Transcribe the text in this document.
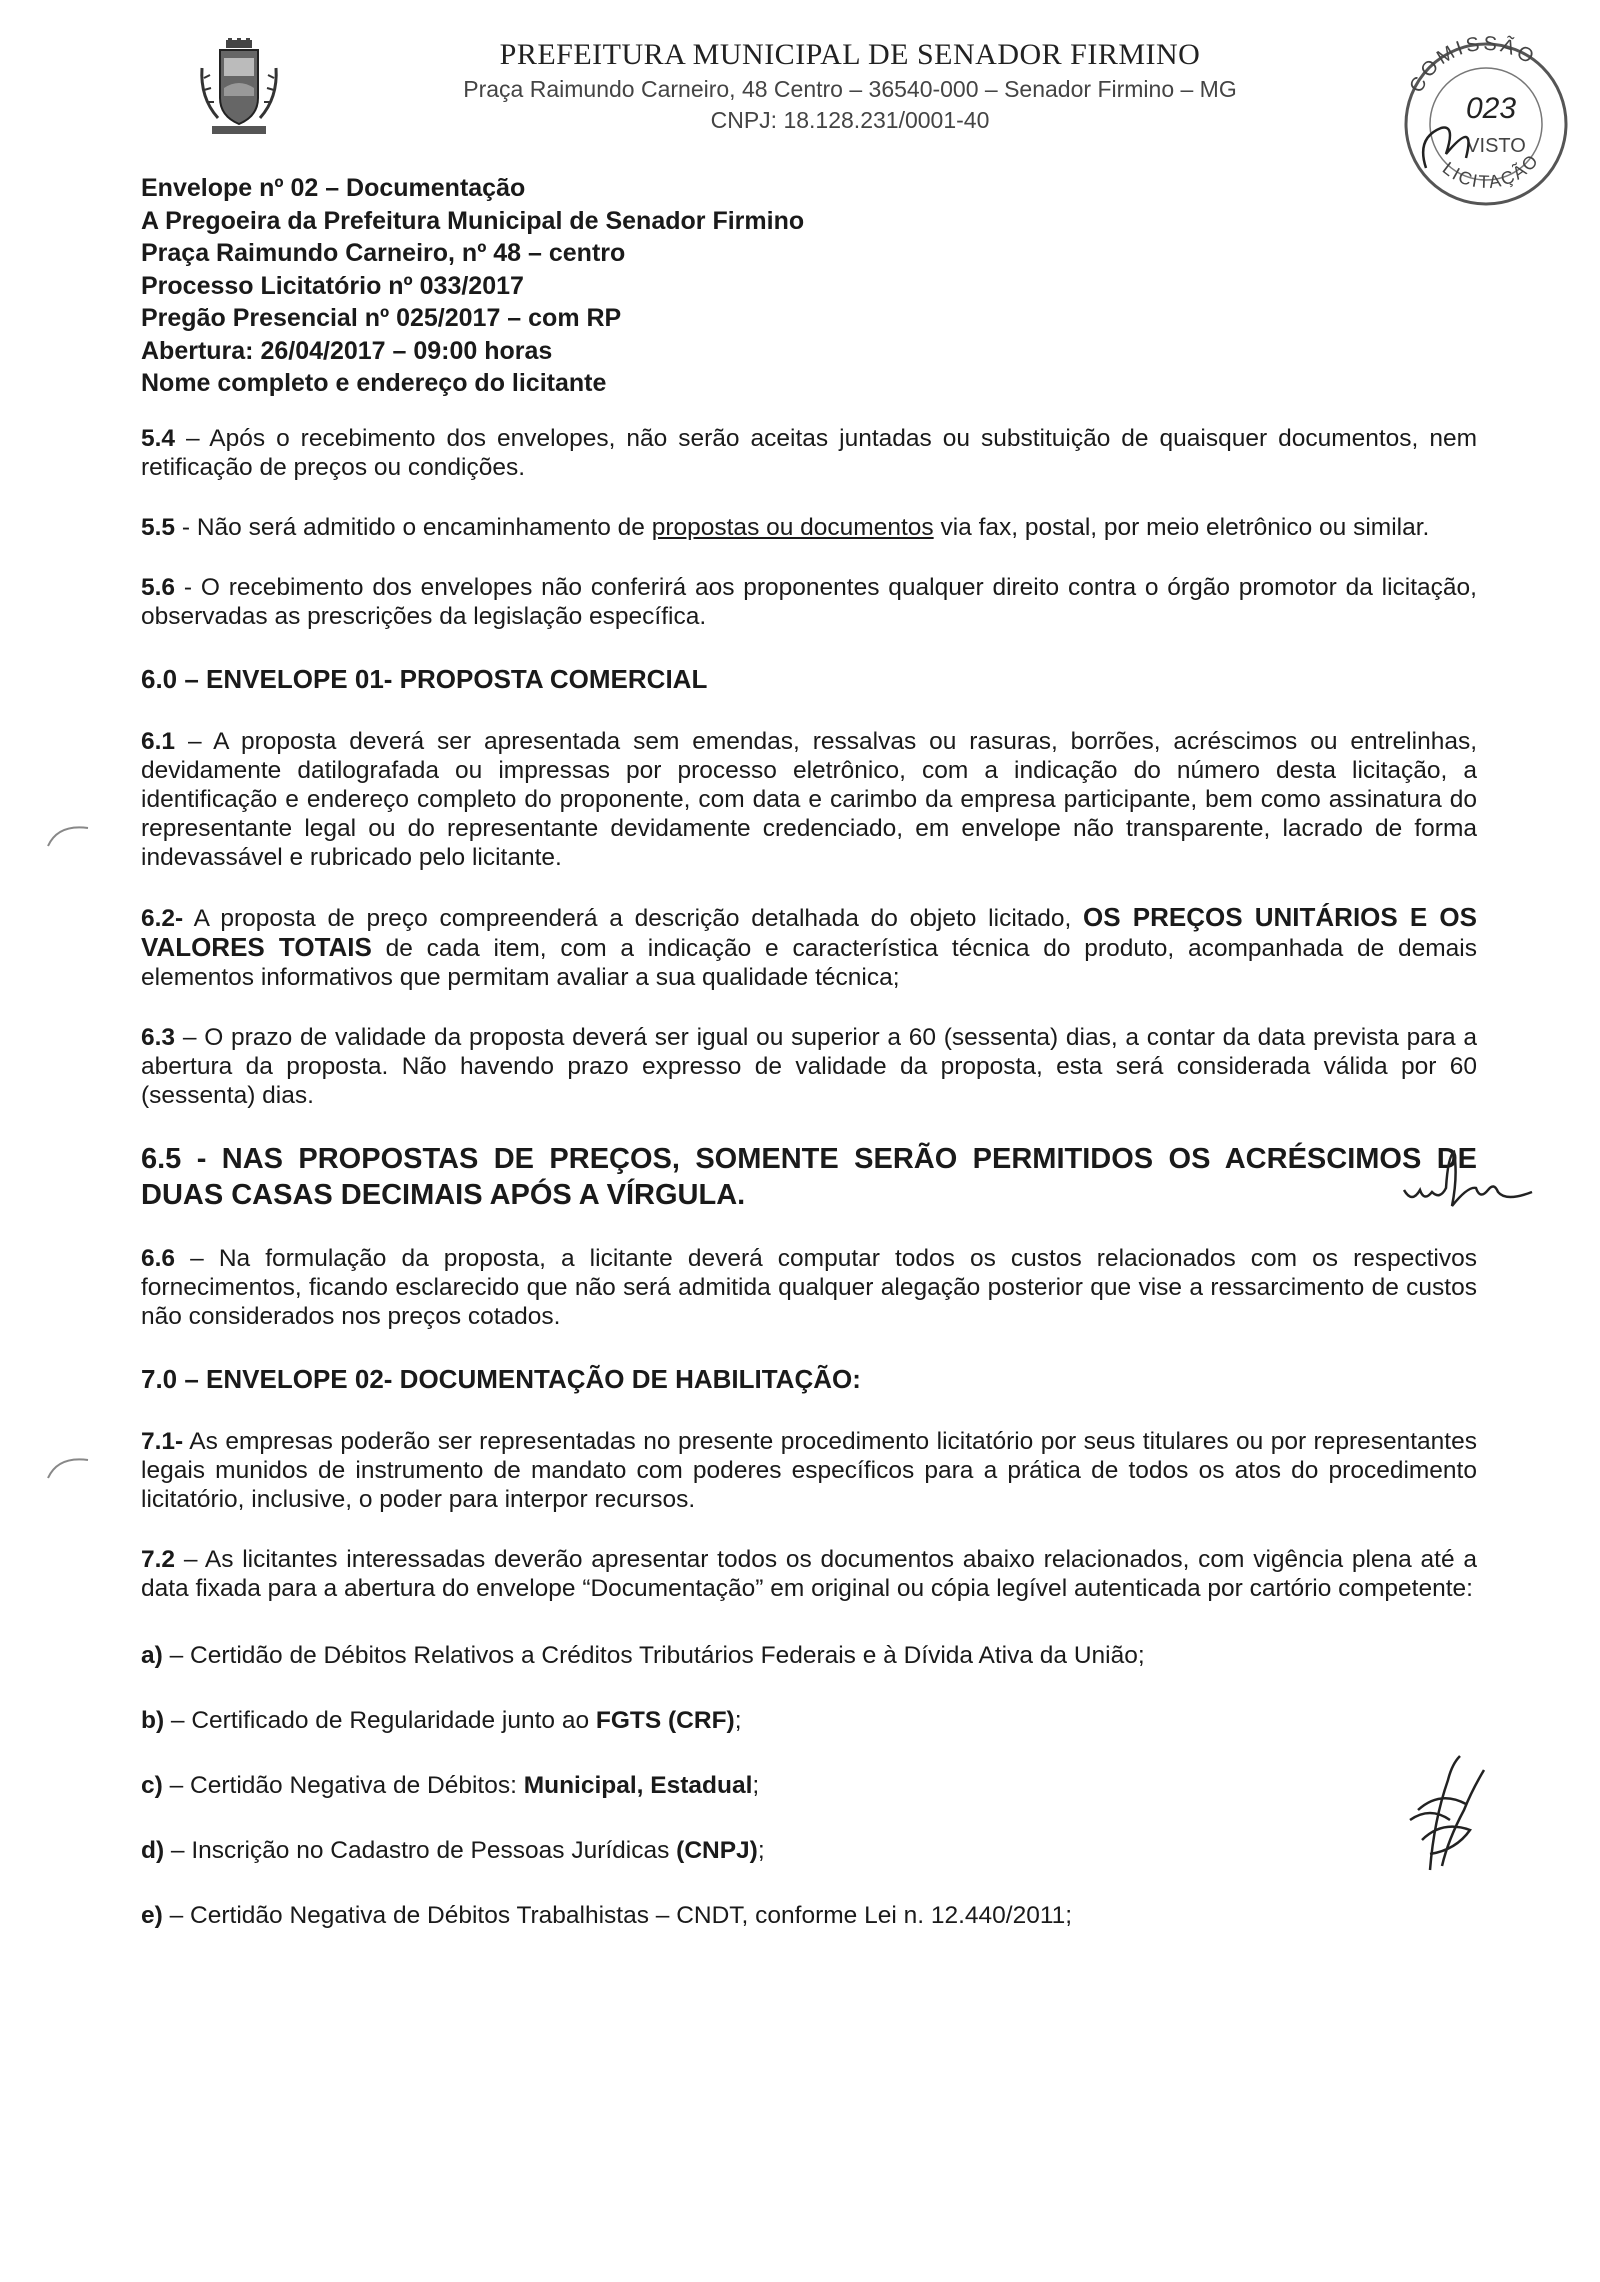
PREFEITURA MUNICIPAL DE SENADOR FIRMINO
Praça Raimundo Carneiro, 48 Centro – 36540-000 – Senador Firmino – MG
CNPJ: 18.128.231/0001-40
COMISSÃO
LICITAÇÃO
023
VISTO
Envelope nº 02 – Documentação
A Pregoeira da Prefeitura Municipal de Senador Firmino
Praça Raimundo Carneiro, nº 48 – centro
Processo Licitatório nº 033/2017
Pregão Presencial nº 025/2017 – com RP
Abertura: 26/04/2017 – 09:00 horas
Nome completo e endereço do licitante

5.4 – Após o recebimento dos envelopes, não serão aceitas juntadas ou substituição de quaisquer documentos, nem retificação de preços ou condições.

5.5 - Não será admitido o encaminhamento de propostas ou documentos via fax, postal, por meio eletrônico ou similar.

5.6 - O recebimento dos envelopes não conferirá aos proponentes qualquer direito contra o órgão promotor da licitação, observadas as prescrições da legislação específica.

6.0 – ENVELOPE 01- PROPOSTA COMERCIAL

6.1 – A proposta deverá ser apresentada sem emendas, ressalvas ou rasuras, borrões, acréscimos ou entrelinhas, devidamente datilografada ou impressas por processo eletrônico, com a indicação do número desta licitação, a identificação e endereço completo do proponente, com data e carimbo da empresa participante, bem como assinatura do representante legal ou do representante devidamente credenciado, em envelope não transparente, lacrado de forma indevassável e rubricado pelo licitante.

6.2- A proposta de preço compreenderá a descrição detalhada do objeto licitado, OS PREÇOS UNITÁRIOS E OS VALORES TOTAIS de cada item, com a indicação e característica técnica do produto, acompanhada de demais elementos informativos que permitam avaliar a sua qualidade técnica;

6.3 – O prazo de validade da proposta deverá ser igual ou superior a 60 (sessenta) dias, a contar da data prevista para a abertura da proposta. Não havendo prazo expresso de validade da proposta, esta será considerada válida por 60 (sessenta) dias.

6.5 - NAS PROPOSTAS DE PREÇOS, SOMENTE SERÃO PERMITIDOS OS ACRÉSCIMOS DE DUAS CASAS DECIMAIS APÓS A VÍRGULA.

6.6 – Na formulação da proposta, a licitante deverá computar todos os custos relacionados com os respectivos fornecimentos, ficando esclarecido que não será admitida qualquer alegação posterior que vise a ressarcimento de custos não considerados nos preços cotados.

7.0 – ENVELOPE 02- DOCUMENTAÇÃO DE HABILITAÇÃO:

7.1- As empresas poderão ser representadas no presente procedimento licitatório por seus titulares ou por representantes legais munidos de instrumento de mandato com poderes específicos para a prática de todos os atos do procedimento licitatório, inclusive, o poder para interpor recursos.

7.2 – As licitantes interessadas deverão apresentar todos os documentos abaixo relacionados, com vigência plena até a data fixada para a abertura do envelope “Documentação” em original ou cópia legível autenticada por cartório competente:

a) – Certidão de Débitos Relativos a Créditos Tributários Federais e à Dívida Ativa da União;
b) – Certificado de Regularidade junto ao FGTS (CRF);
c) – Certidão Negativa de Débitos: Municipal, Estadual;
d) – Inscrição no Cadastro de Pessoas Jurídicas (CNPJ);
e) – Certidão Negativa de Débitos Trabalhistas – CNDT, conforme Lei n. 12.440/2011;
